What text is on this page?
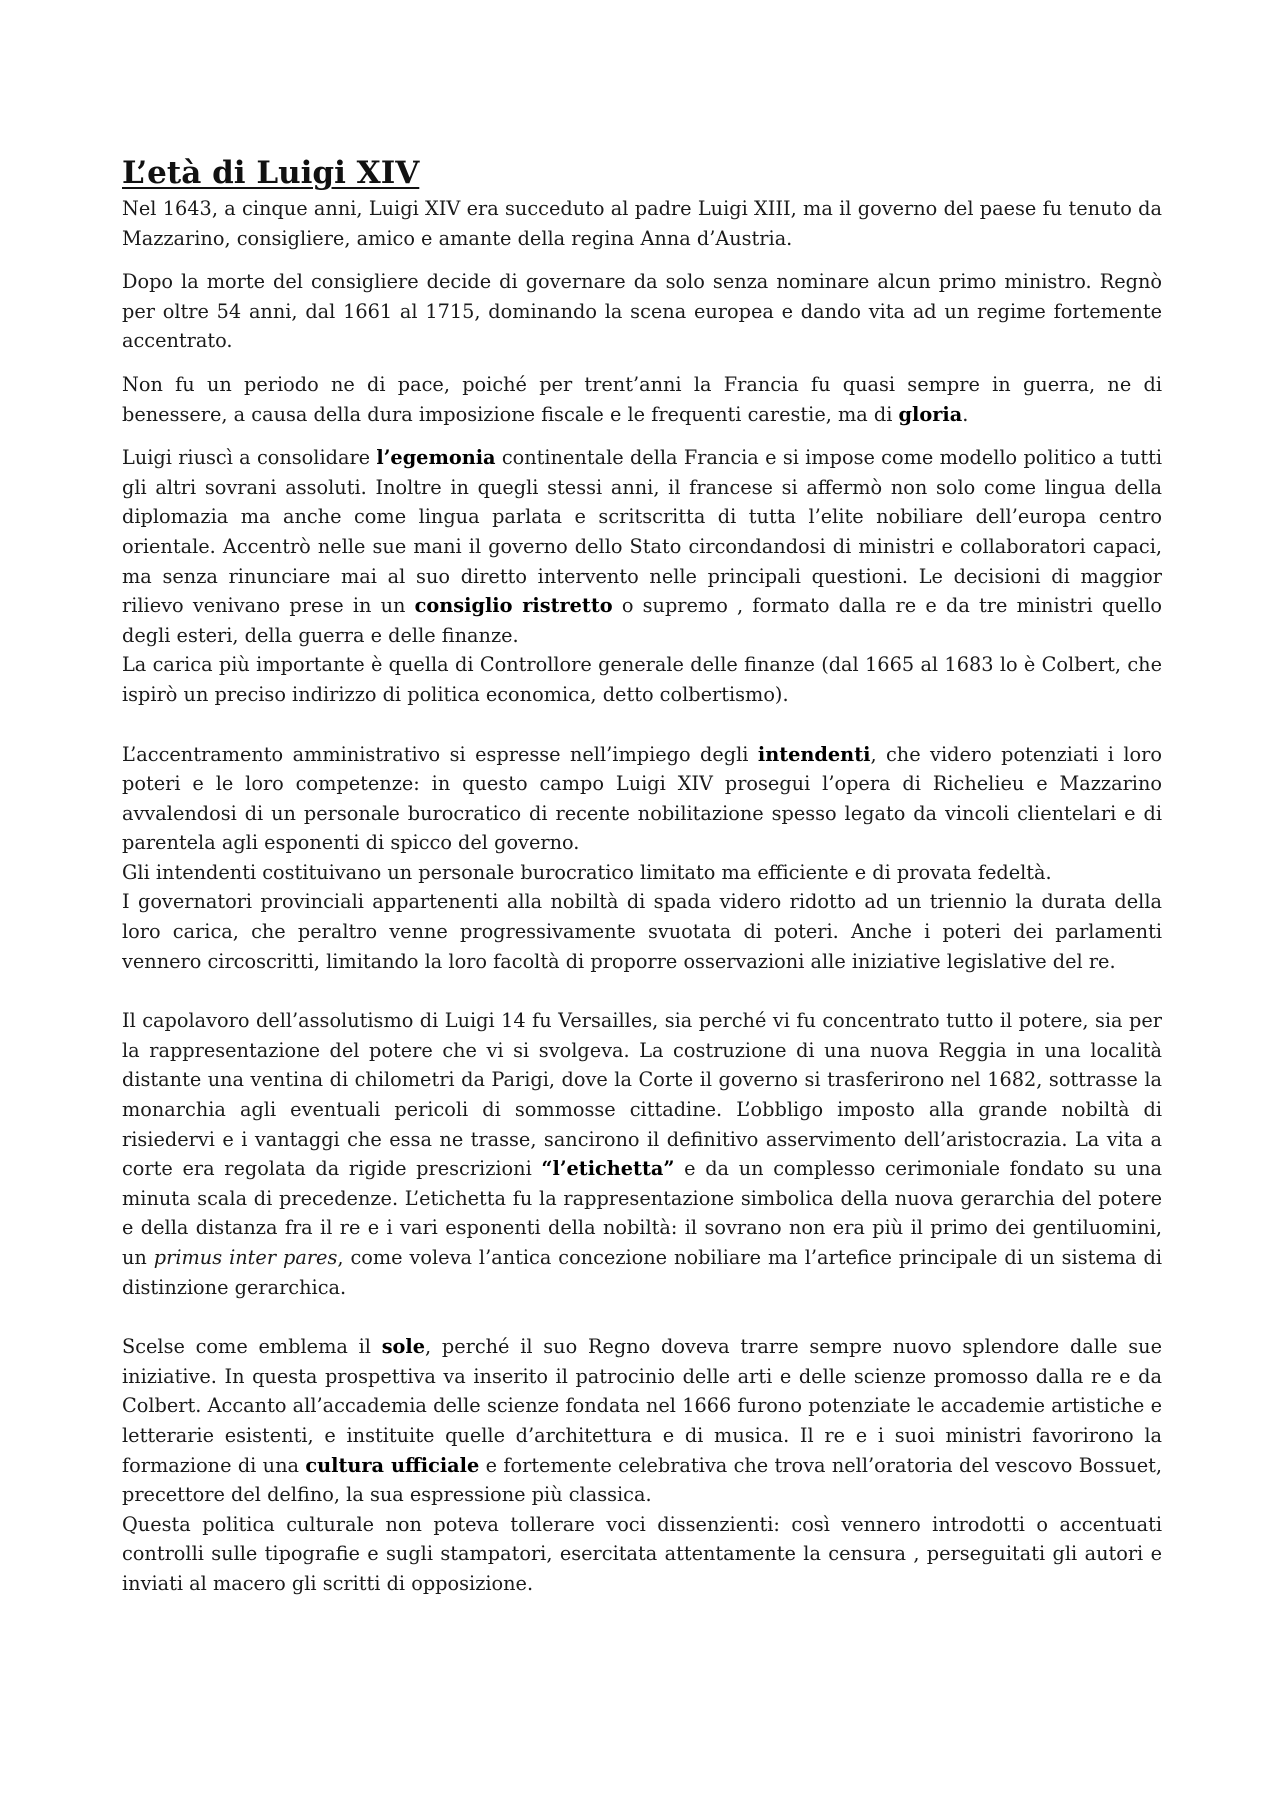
L’età di Luigi XIV

Nel 1643, a cinque anni, Luigi XIV era succeduto al padre Luigi XIII, ma il governo del paese fu tenuto da Mazzarino, consigliere, amico e amante della regina Anna d’Austria.

Dopo la morte del consigliere decide di governare da solo senza nominare alcun primo ministro. Regnò per oltre 54 anni, dal 1661 al 1715, dominando la scena europea e dando vita ad un regime fortemente accentrato.

Non fu un periodo ne di pace, poiché per trent’anni la Francia fu quasi sempre in guerra, ne di benessere, a causa della dura imposizione fiscale e le frequenti carestie, ma di gloria.

Luigi riuscì a consolidare l’egemonia continentale della Francia e si impose come modello politico a tutti gli altri sovrani assoluti. Inoltre in quegli stessi anni, il francese si affermò non solo come lingua della diplomazia ma anche come lingua parlata e scritscritta di tutta l’elite nobiliare dell’europa centro orientale. Accentrò nelle sue mani il governo dello Stato circondandosi di ministri e collaboratori capaci, ma senza rinunciare mai al suo diretto intervento nelle principali questioni. Le decisioni di maggior rilievo venivano prese in un consiglio ristretto o supremo , formato dalla re e da tre ministri quello degli esteri, della guerra e delle finanze.

La carica più importante è quella di Controllore generale delle finanze (dal 1665 al 1683 lo è Colbert, che ispirò un preciso indirizzo di politica economica, detto colbertismo).

L’accentramento amministrativo si espresse nell’impiego degli intendenti, che videro potenziati i loro poteri e le loro competenze: in questo campo Luigi XIV prosegui l’opera di Richelieu e Mazzarino avvalendosi di un personale burocratico di recente nobilitazione spesso legato da vincoli clientelari e di parentela agli esponenti di spicco del governo.

Gli intendenti costituivano un personale burocratico limitato ma efficiente e di provata fedeltà.

I governatori provinciali appartenenti alla nobiltà di spada videro ridotto ad un triennio la durata della loro carica, che peraltro venne progressivamente svuotata di poteri. Anche i poteri dei parlamenti vennero circoscritti, limitando la loro facoltà di proporre osservazioni alle iniziative legislative del re.

Il capolavoro dell’assolutismo di Luigi 14 fu Versailles, sia perché vi fu concentrato tutto il potere, sia per la rappresentazione del potere che vi si svolgeva. La costruzione di una nuova Reggia in una località distante una ventina di chilometri da Parigi, dove la Corte il governo si trasferirono nel 1682, sottrasse la monarchia agli eventuali pericoli di sommosse cittadine. L’obbligo imposto alla grande nobiltà di risiedervi e i vantaggi che essa ne trasse, sancirono il definitivo asservimento dell’aristocrazia. La vita a corte era regolata da rigide prescrizioni “l’etichetta” e da un complesso cerimoniale fondato su una minuta scala di precedenze. L’etichetta fu la rappresentazione simbolica della nuova gerarchia del potere e della distanza fra il re e i vari esponenti della nobiltà: il sovrano non era più il primo dei gentiluomini, un primus inter pares, come voleva l’antica concezione nobiliare ma l’artefice principale di un sistema di distinzione gerarchica.

Scelse come emblema il sole, perché il suo Regno doveva trarre sempre nuovo splendore dalle sue iniziative. In questa prospettiva va inserito il patrocinio delle arti e delle scienze promosso dalla re e da Colbert. Accanto all’accademia delle scienze fondata nel 1666 furono potenziate le accademie artistiche e letterarie esistenti, e instituite quelle d’architettura e di musica. Il re e i suoi ministri favorirono la formazione di una cultura ufficiale e fortemente celebrativa che trova nell’oratoria del vescovo Bossuet, precettore del delfino, la sua espressione più classica.

Questa politica culturale non poteva tollerare voci dissenzienti: così vennero introdotti o accentuati controlli sulle tipografie e sugli stampatori, esercitata attentamente la censura , perseguitati gli autori e inviati al macero gli scritti di opposizione.
